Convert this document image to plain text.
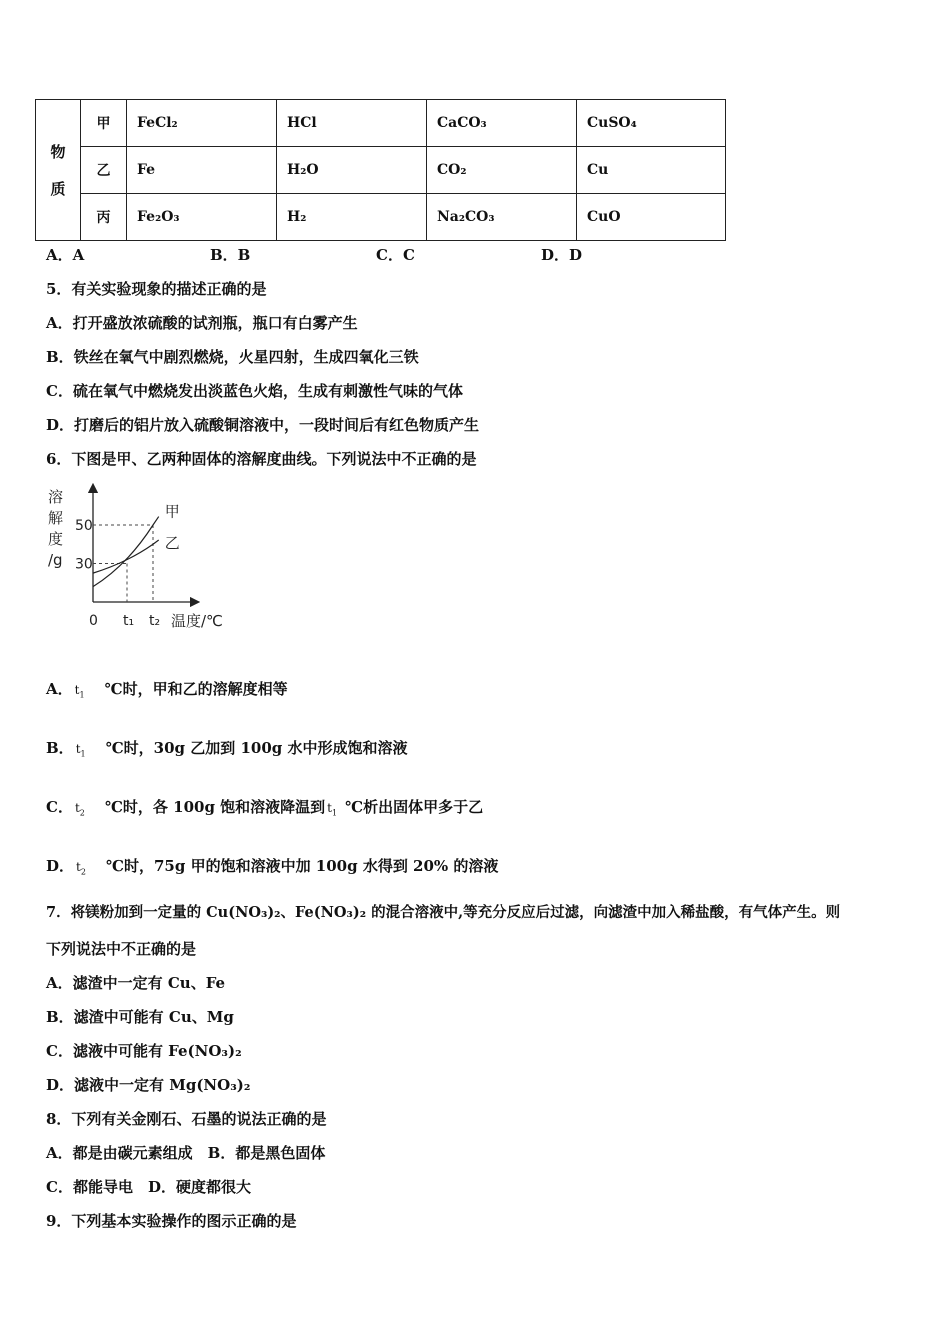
物
质	甲	FeCl₂	HCl	CaCO₃	CuSO₄
	乙	Fe	H₂O	CO₂	Cu
	丙	Fe₂O₃	H₂	Na₂CO₃	CuO
A．A	B．B	C．C	D．D
5．有关实验现象的描述正确的是
A．打开盛放浓硫酸的试剂瓶，瓶口有白雾产生
B．铁丝在氧气中剧烈燃烧，火星四射，生成四氧化三铁
C．硫在氧气中燃烧发出淡蓝色火焰，生成有刺激性气味的气体
D．打磨后的铝片放入硫酸铜溶液中，一段时间后有红色物质产生
6．下图是甲、乙两种固体的溶解度曲线。下列说法中不正确的是
溶
解
度
/g
0 t₁ t₂ 温度/℃
30
50
甲
乙
A． $t_1$ ℃时，甲和乙的溶解度相等
B． $t_1$ ℃时，30g 乙加到 100g 水中形成饱和溶液
C． $t_2$ ℃时，各 100g 饱和溶液降温到 $t_1$ ℃析出固体甲多于乙
D． $t_2$ ℃时，75g 甲的饱和溶液中加 100g 水得到 20% 的溶液
7．将镁粉加到一定量的 Cu(NO₃)₂、Fe(NO₃)₂ 的混合溶液中,等充分反应后过滤，向滤渣中加入稀盐酸，有气体产生。则
下列说法中不正确的是
A．滤渣中一定有 Cu、Fe
B．滤渣中可能有 Cu、Mg
C．滤液中可能有 Fe(NO₃)₂
D．滤液中一定有 Mg(NO₃)₂
8．下列有关金刚石、石墨的说法正确的是
A．都是由碳元素组成　B．都是黑色固体
C．都能导电　D．硬度都很大
9．下列基本实验操作的图示正确的是
